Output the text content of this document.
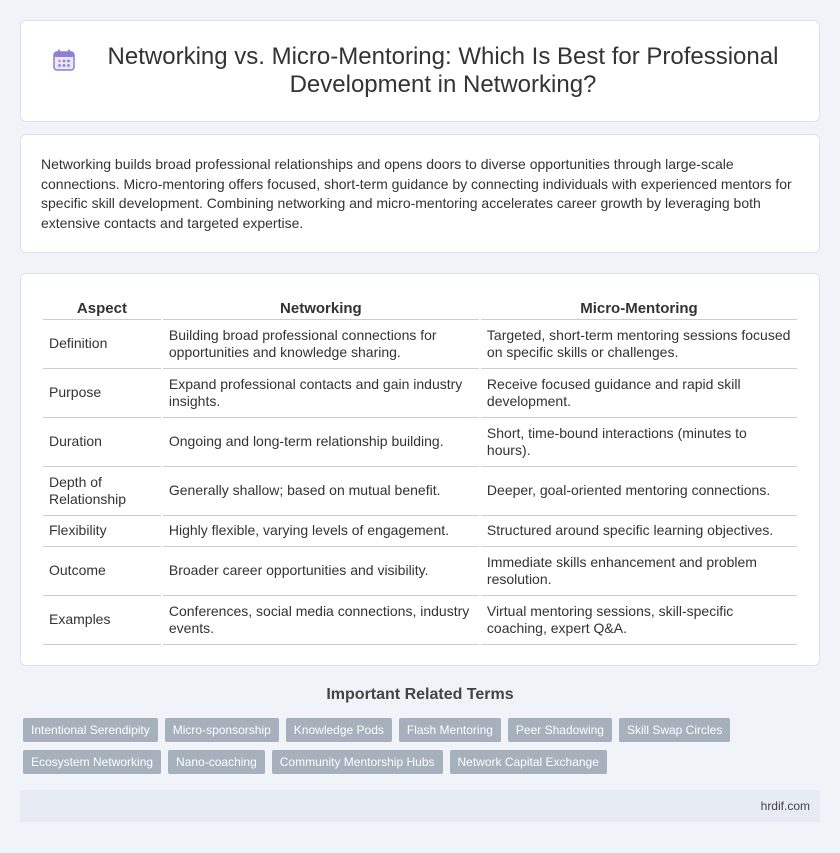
Networking vs. Micro-Mentoring: Which Is Best for Professional Development in Networking?

Networking builds broad professional relationships and opens doors to diverse opportunities through large-scale connections. Micro-mentoring offers focused, short-term guidance by connecting individuals with experienced mentors for specific skill development. Combining networking and micro-mentoring accelerates career growth by leveraging both extensive contacts and targeted expertise.

Aspect	Networking	Micro-Mentoring
Definition	Building broad professional connections for opportunities and knowledge sharing.	Targeted, short-term mentoring sessions focused on specific skills or challenges.
Purpose	Expand professional contacts and gain industry insights.	Receive focused guidance and rapid skill development.
Duration	Ongoing and long-term relationship building.	Short, time-bound interactions (minutes to hours).
Depth of Relationship	Generally shallow; based on mutual benefit.	Deeper, goal-oriented mentoring connections.
Flexibility	Highly flexible, varying levels of engagement.	Structured around specific learning objectives.
Outcome	Broader career opportunities and visibility.	Immediate skills enhancement and problem resolution.
Examples	Conferences, social media connections, industry events.	Virtual mentoring sessions, skill-specific coaching, expert Q&A.
Important Related Terms
Intentional Serendipity	Micro-sponsorship	Knowledge Pods	Flash Mentoring	Peer Shadowing	Skill Swap Circles
Ecosystem Networking	Nano-coaching	Community Mentorship Hubs	Network Capital Exchange
hrdif.com
